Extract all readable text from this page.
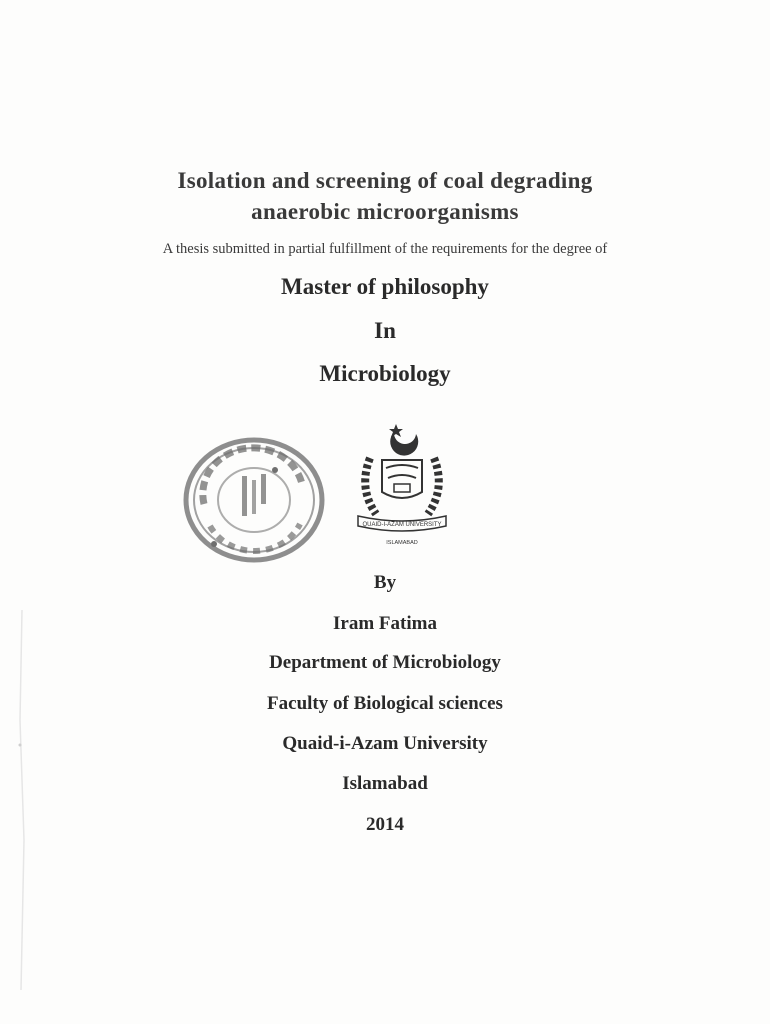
Isolation and screening of coal degrading
anaerobic microorganisms
A thesis submitted in partial fulfillment of the requirements for the degree of
Master of philosophy
In
Microbiology
QUAID-I-AZAM UNIVERSITY
ISLAMABAD
By
Iram Fatima
Department of Microbiology
Faculty of Biological sciences
Quaid-i-Azam University
Islamabad
2014
